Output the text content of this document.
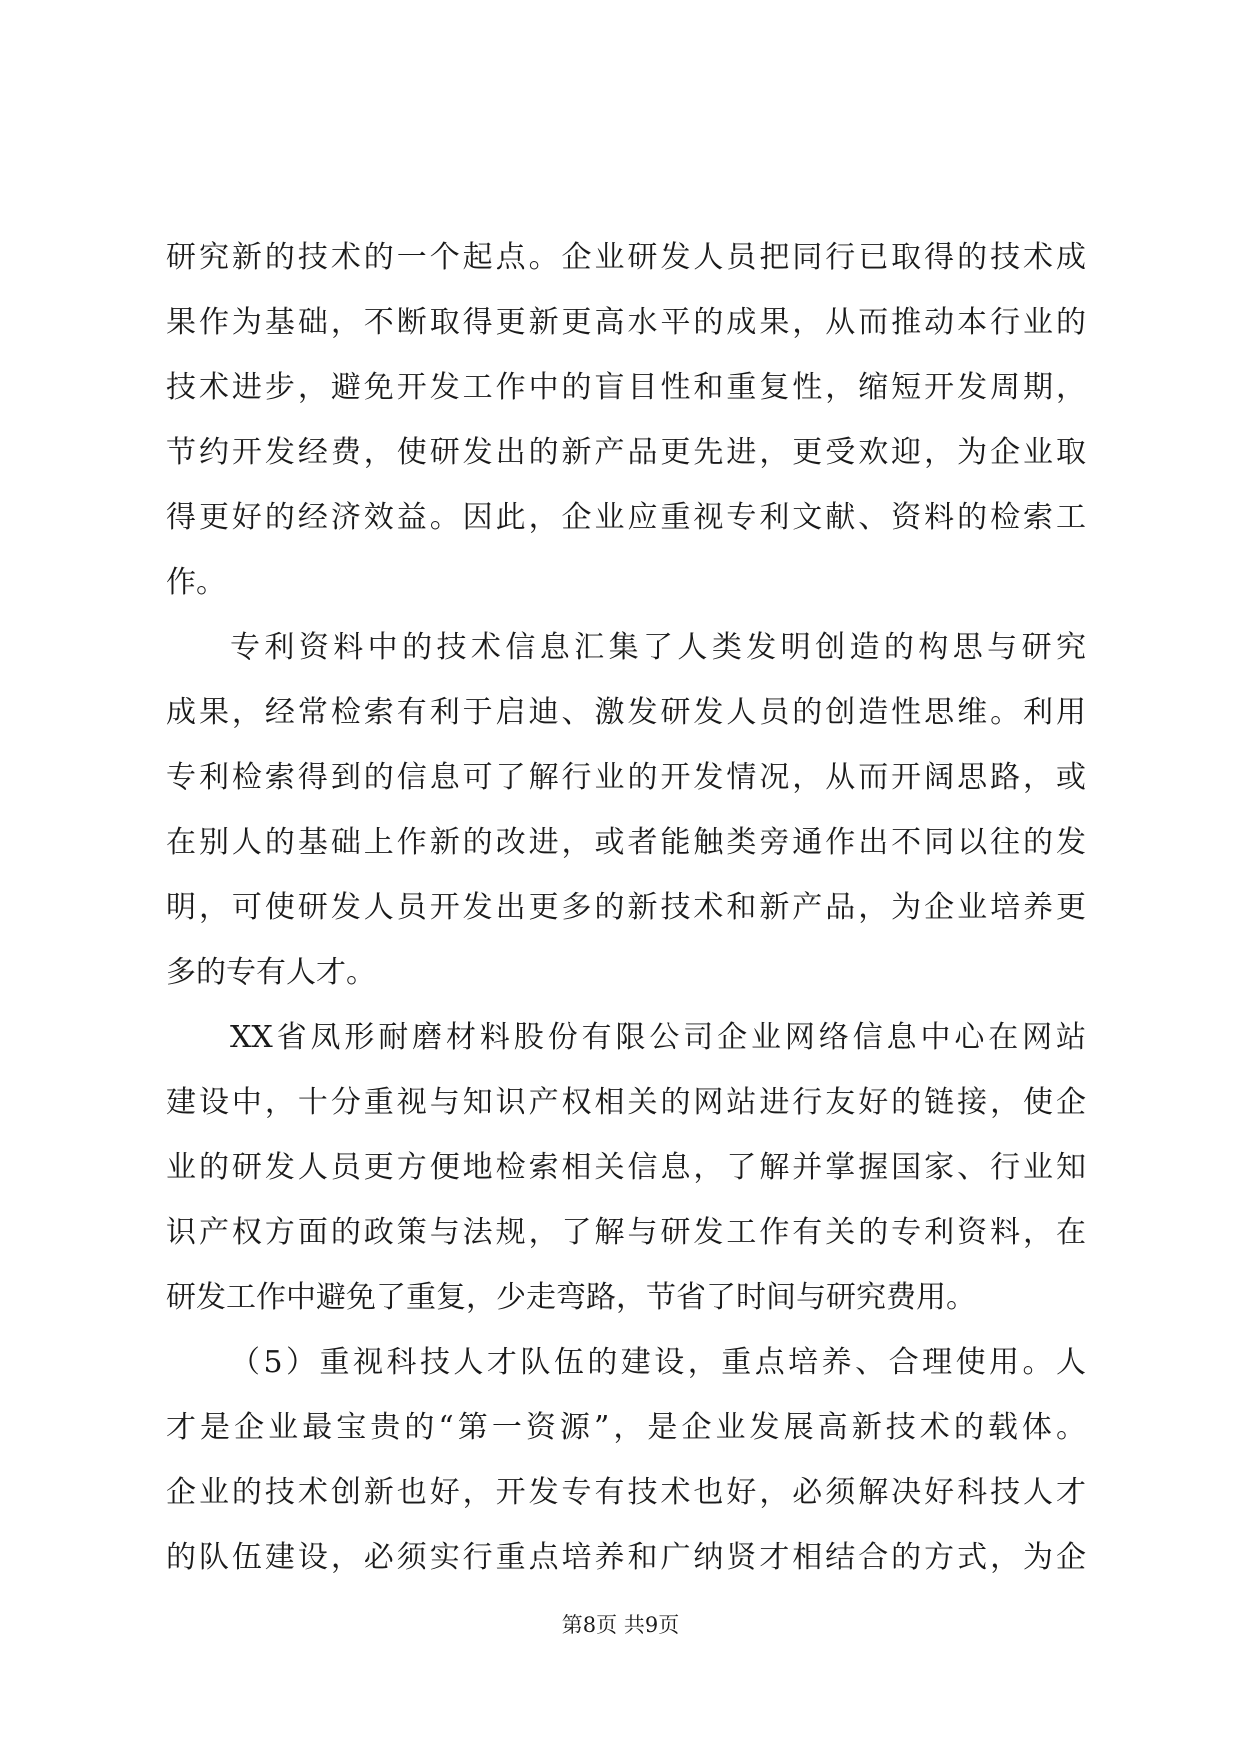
研究新的技术的一个起点。企业研发人员把同行已取得的技术成
果作为基础，不断取得更新更高水平的成果，从而推动本行业的
技术进步，避免开发工作中的盲目性和重复性，缩短开发周期，
节约开发经费，使研发出的新产品更先进，更受欢迎，为企业取
得更好的经济效益。因此，企业应重视专利文献、资料的检索工
作。
专利资料中的技术信息汇集了人类发明创造的构思与研究
成果，经常检索有利于启迪、激发研发人员的创造性思维。利用
专利检索得到的信息可了解行业的开发情况，从而开阔思路，或
在别人的基础上作新的改进，或者能触类旁通作出不同以往的发
明，可使研发人员开发出更多的新技术和新产品，为企业培养更
多的专有人才。
XX省凤形耐磨材料股份有限公司企业网络信息中心在网站
建设中，十分重视与知识产权相关的网站进行友好的链接，使企
业的研发人员更方便地检索相关信息，了解并掌握国家、行业知
识产权方面的政策与法规，了解与研发工作有关的专利资料，在
研发工作中避免了重复，少走弯路，节省了时间与研究费用。
（5）重视科技人才队伍的建设，重点培养、合理使用。人
才是企业最宝贵的“第一资源”，是企业发展高新技术的载体。
企业的技术创新也好，开发专有技术也好，必须解决好科技人才
的队伍建设，必须实行重点培养和广纳贤才相结合的方式，为企
第8页 共9页
